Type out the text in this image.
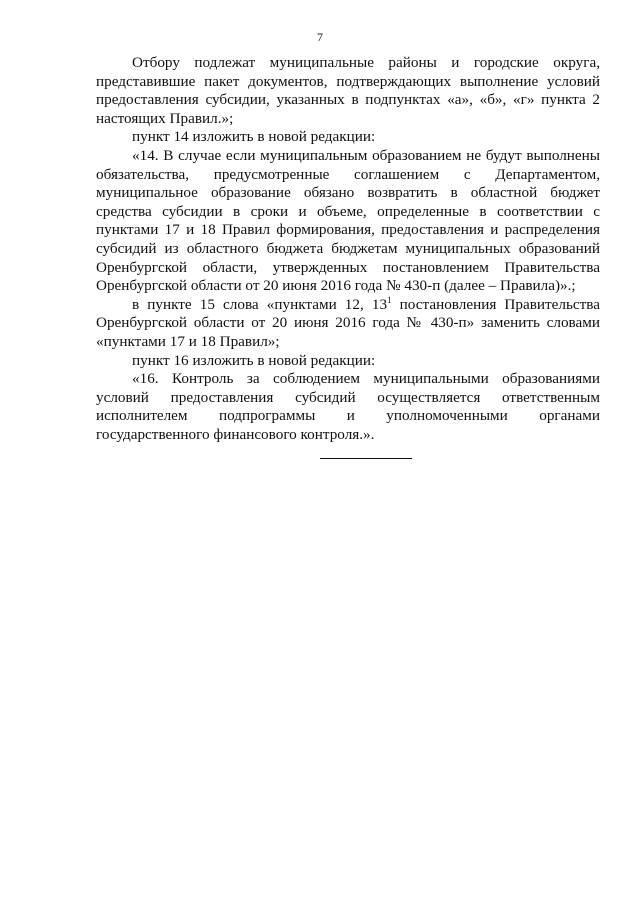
7

Отбору подлежат муниципальные районы и городские округа, представившие пакет документов, подтверждающих выполнение условий предоставления субсидии, указанных в подпунктах «а», «б», «г» пункта 2 настоящих Правил.»;

пункт 14 изложить в новой редакции:

«14. В случае если муниципальным образованием не будут выполнены обязательства, предусмотренные соглашением с Департаментом, муниципальное образование обязано возвратить в областной бюджет средства субсидии в сроки и объеме, определенные в соответствии с пунктами 17 и 18 Правил формирования, предоставления и распределения субсидий из областного бюджета бюджетам муниципальных образований Оренбургской области, утвержденных постановлением Правительства Оренбургской области от 20 июня 2016 года № 430-п (далее – Правила)».;

в пункте 15 слова «пунктами 12, $13^1$ постановления Правительства Оренбургской области от 20 июня 2016 года № 430-п» заменить словами «пунктами 17 и 18 Правил»;

пункт 16 изложить в новой редакции:

«16. Контроль за соблюдением муниципальными образованиями условий предоставления субсидий осуществляется ответственным исполнителем подпрограммы и уполномоченными органами государственного финансового контроля.».
